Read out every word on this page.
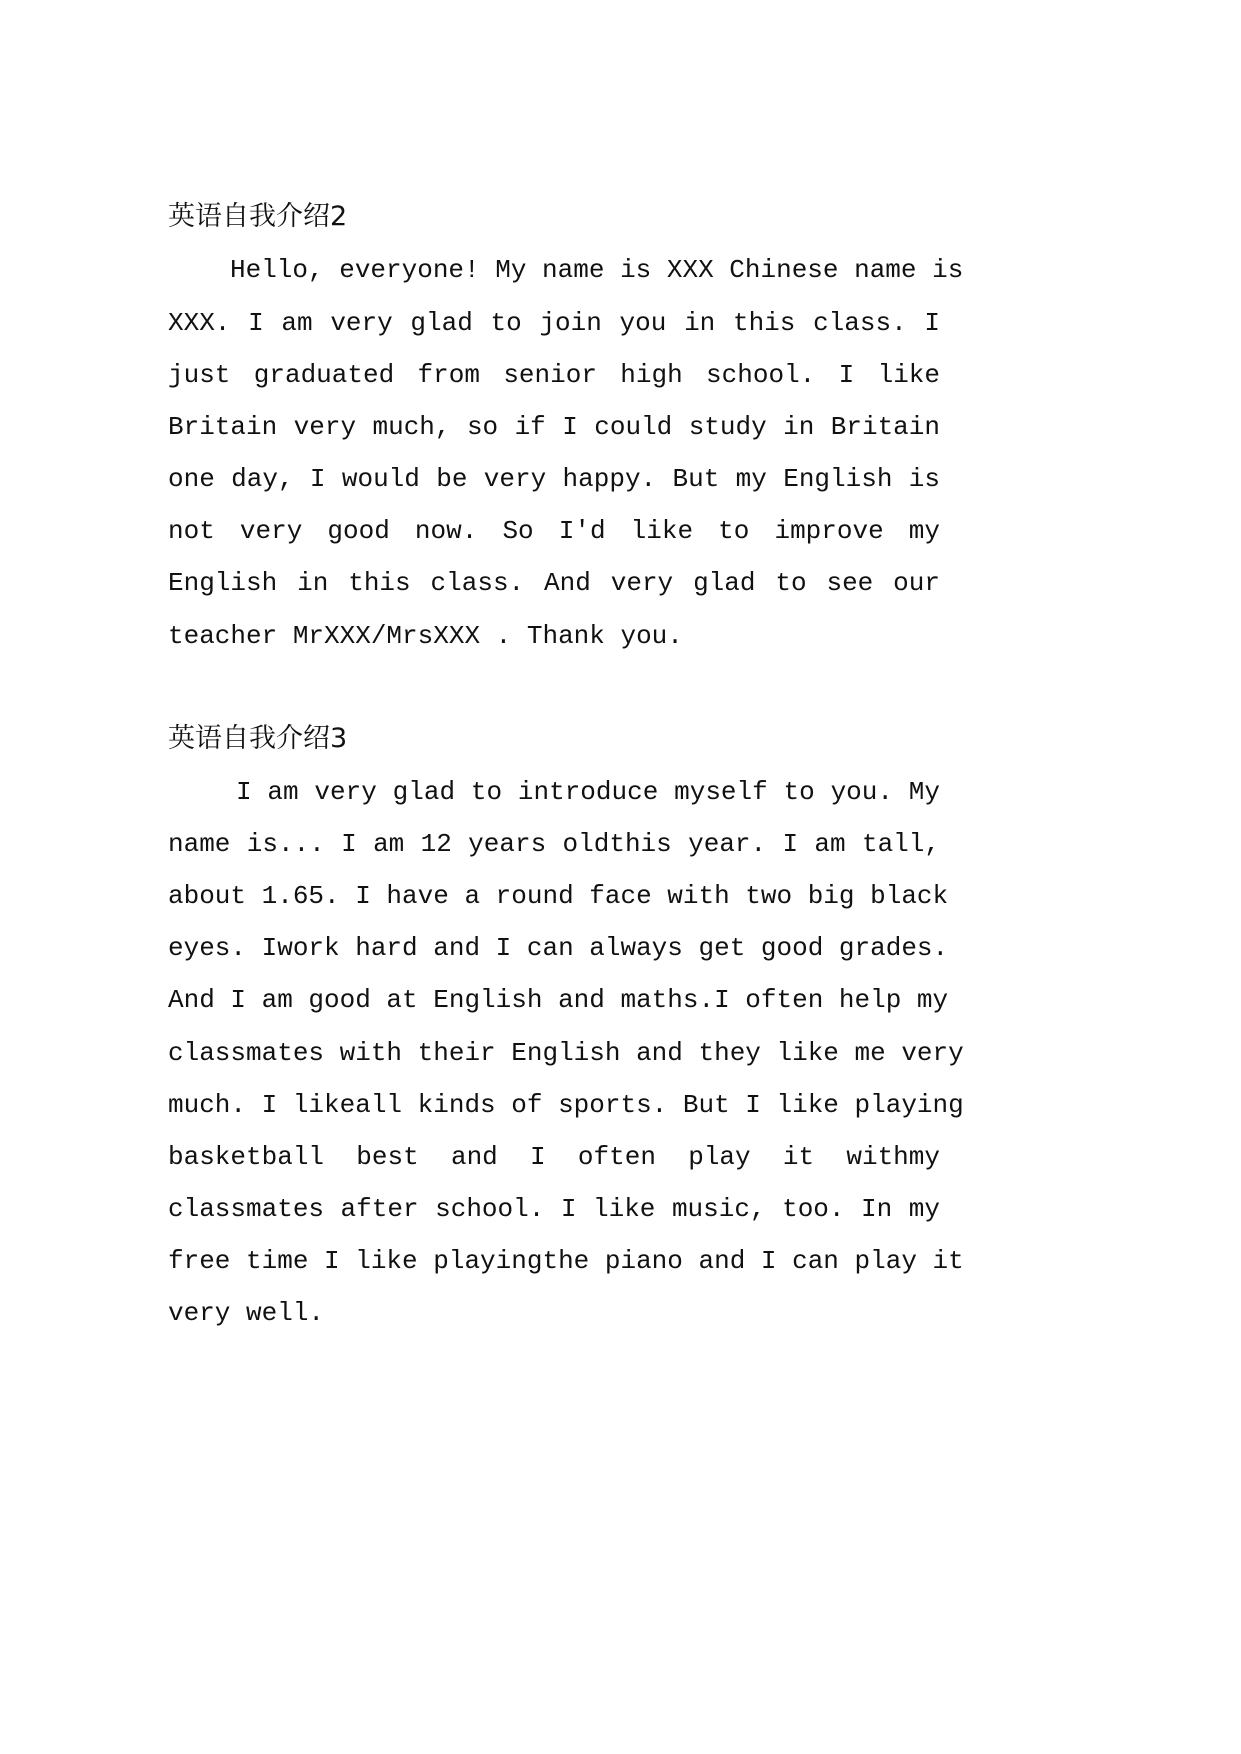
英语自我介绍2

Hello, everyone! My name is XXX Chinese name is

XXX. I am very glad to join you in this class. I

just graduated from senior high school. I like

Britain very much, so if I could study in Britain

one day, I would be very happy. But my English is

not very good now. So I'd like to improve my

English in this class. And very glad to see our

teacher MrXXX/MrsXXX . Thank you.

英语自我介绍3

I am very glad to introduce myself to you. My

name is... I am 12 years oldthis year. I am tall,

about 1.65. I have a round face with two big black

eyes. Iwork hard and I can always get good grades.

And I am good at English and maths.I often help my

classmates with their English and they like me very

much. I likeall kinds of sports. But I like playing

basketball best and I often play it withmy

classmates after school. I like music, too. In my

free time I like playingthe piano and I can play it

very well.
